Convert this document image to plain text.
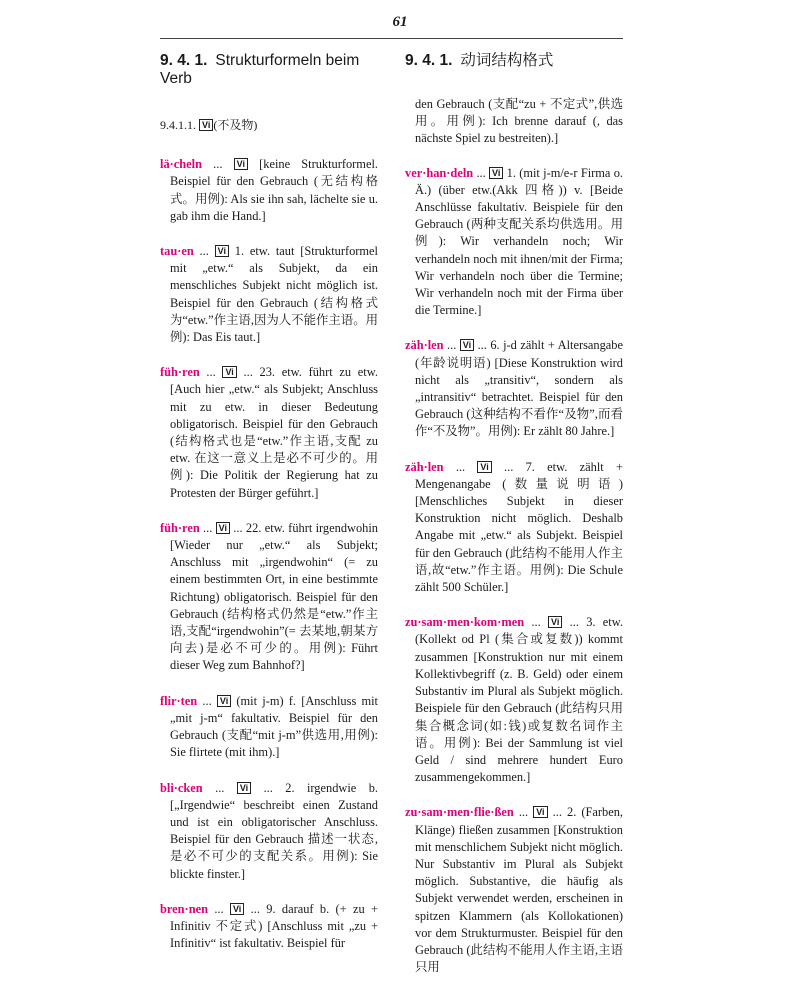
61
9. 4. 1. Strukturformeln beim Verb
9.4.1.1. Vi (不及物)
lä·cheln ... Vi [keine Strukturformel. Beispiel für den Gebrauch (无结构格式。用例): Als sie ihn sah, lächelte sie u. gab ihm die Hand.]
tau·en ... Vi 1. etw. taut [Strukturformel mit „etw.“ als Subjekt, da ein menschliches Subjekt nicht möglich ist. Beispiel für den Gebrauch (结构格式为“etw.”作主语,因为人不能作主语。用例): Das Eis taut.]
füh·ren ... Vi ... 23. etw. führt zu etw. [Auch hier „etw.“ als Subjekt; Anschluss mit zu etw. in dieser Bedeutung obligatorisch. Beispiel für den Gebrauch (结构格式也是“etw.”作主语,支配 zu etw. 在这一意义上是必不可少的。用例): Die Politik der Regierung hat zu Protesten der Bürger geführt.]
füh·ren ... Vi ... 22. etw. führt irgendwohin [Wieder nur „etw.“ als Subjekt; Anschluss mit „irgendwohin“ (= zu einem bestimmten Ort, in eine bestimmte Richtung) obligatorisch. Beispiel für den Gebrauch (结构格式仍然是“etw.”作主语,支配“irgendwohin”(= 去某地,朝某方向去)是必不可少的。用例): Führt dieser Weg zum Bahnhof?]
flir·ten ... Vi (mit j-m) f. [Anschluss mit „mit j-m“ fakultativ. Beispiel für den Gebrauch (支配“mit j-m”供选用,用例): Sie flirtete (mit ihm).]
bli·cken ... Vi ... 2. irgendwie b. [„Irgendwie“ beschreibt einen Zustand und ist ein obligatorischer Anschluss. Beispiel für den Gebrauch 描述一状态,是必不可少的支配关系。用例): Sie blickte finster.]
bren·nen ... Vi ... 9. darauf b. (+ zu + Infinitiv 不定式) [Anschluss mit „zu + Infinitiv“ ist fakultativ. Beispiel für
9. 4. 1. 动词结构格式
den Gebrauch (支配“zu + 不定式”,供选用。用例): Ich brenne darauf (, das nächste Spiel zu bestreiten).]
ver·han·deln ... Vi 1. (mit j-m/e-r Firma o. Ä.) (über etw.(Akk 四格)) v. [Beide Anschlüsse fakultativ. Beispiele für den Gebrauch (两种支配关系均供选用。用例): Wir verhandeln noch; Wir verhandeln noch mit ihnen/mit der Firma; Wir verhandeln noch über die Termine; Wir verhandeln noch mit der Firma über die Termine.]
zäh·len ... Vi ... 6. j-d zählt + Altersangabe (年龄说明语) [Diese Konstruktion wird nicht als „transitiv“, sondern als „intransitiv“ betrachtet. Beispiel für den Gebrauch (这种结构不看作“及物”,而看作“不及物”。用例): Er zählt 80 Jahre.]
zäh·len ... Vi ... 7. etw. zählt + Mengenangabe (数量说明语) [Menschliches Subjekt in dieser Konstruktion nicht möglich. Deshalb Angabe mit „etw.“ als Subjekt. Beispiel für den Gebrauch (此结构不能用人作主语,故“etw.”作主语。用例): Die Schule zählt 500 Schüler.]
zu·sam·men·kom·men ... Vi ... 3. etw. (Kollekt od Pl (集合或复数)) kommt zusammen [Konstruktion nur mit einem Kollektivbegriff (z. B. Geld) oder einem Substantiv im Plural als Subjekt möglich. Beispiele für den Gebrauch (此结构只用集合概念词(如:钱)或复数名词作主语。用例): Bei der Sammlung ist viel Geld / sind mehrere hundert Euro zusammengekommen.]
zu·sam·men·flie·ßen ... Vi ... 2. (Farben, Klänge) fließen zusammen [Konstruktion mit menschlichem Subjekt nicht möglich. Nur Substantiv im Plural als Subjekt möglich. Substantive, die häufig als Subjekt verwendet werden, erscheinen in spitzen Klammern (als Kollokationen) vor dem Strukturmuster. Beispiel für den Gebrauch (此结构不能用人作主语,主语只用
